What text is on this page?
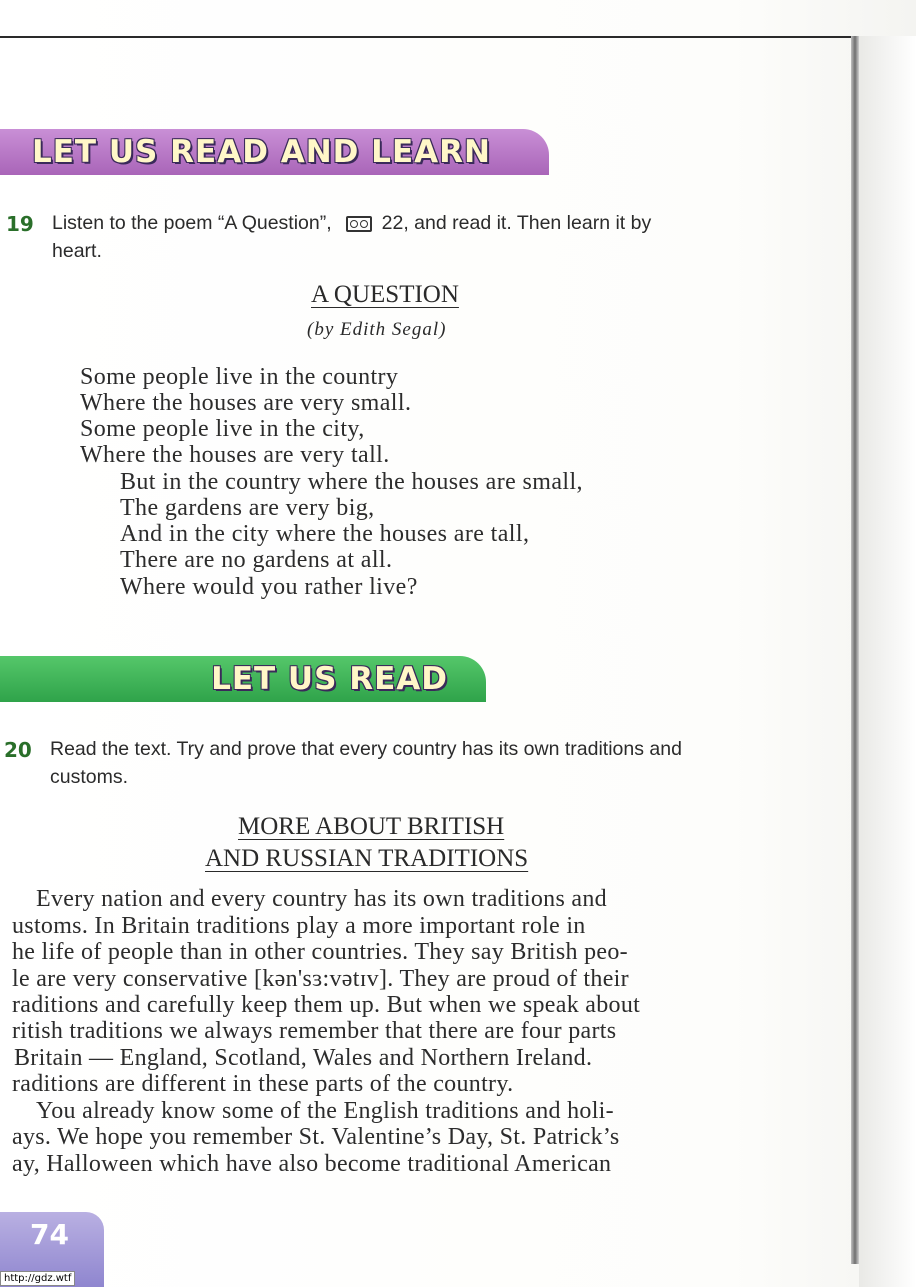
LET US READ AND LEARN
19 Listen to the poem “A Question”,	22, and read it. Then learn it by
heart.
A QUESTION
(by Edith Segal)
Some people live in the country
Where the houses are very small.
Some people live in the city,
Where the houses are very tall.
But in the country where the houses are small,
The gardens are very big,
And in the city where the houses are tall,
There are no gardens at all.
Where would you rather live?
LET US READ
20 Read the text. Try and prove that every country has its own traditions and
customs.
MORE ABOUT BRITISH
AND RUSSIAN TRADITIONS
Every nation and every country has its own traditions and
ustoms. In Britain traditions play a more important role in
he life of people than in other countries. They say British peo-
le are very conservative [kən'sɜ:vətɪv]. They are proud of their
raditions and carefully keep them up. But when we speak about
ritish traditions we always remember that there are four parts
Britain — England, Scotland, Wales and Northern Ireland.
raditions are different in these parts of the country.
You already know some of the English traditions and holi-
ays. We hope you remember St. Valentine’s Day, St. Patrick’s
ay, Halloween which have also become traditional American
74
http://gdz.wtf
